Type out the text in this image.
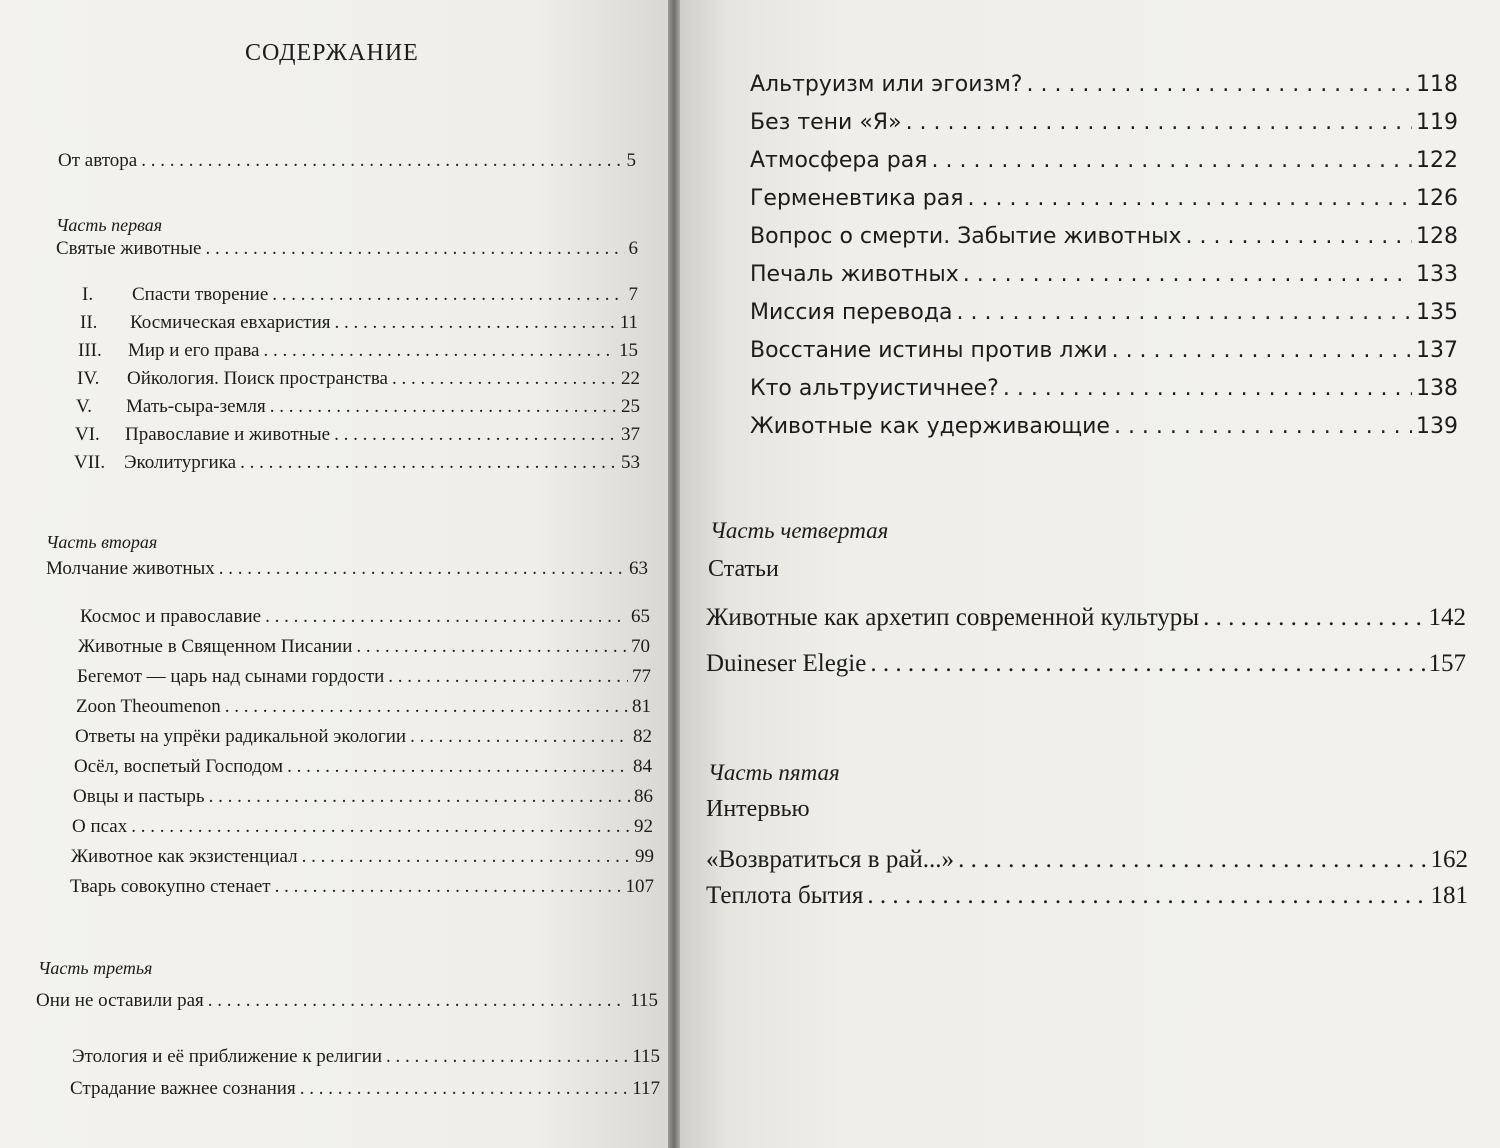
СОДЕРЖАНИЕ
От автора . . .	5
Часть первая
Святые животные . . .	6
I. Спасти творение . . .	7
II. Космическая евхаристия . . .	11
III. Мир и его права . . .	15
IV. Ойкология. Поиск пространства . . .	22
V. Мать-сыра-земля . . .	25
VI. Православие и животные . . .	37
VII. Эколитургика . . .	53
Часть вторая
Молчание животных . . .	63
Космос и православие . . .	65
Животные в Священном Писании . . .	70
Бегемот — царь над сынами гордости . . .	77
Zoon Theoumenon . . .	81
Ответы на упрёки радикальной экологии . . .	82
Осёл, воспетый Господом . . .	84
Овцы и пастырь . . .	86
О псах . . .	92
Животное как экзистенциал . . .	99
Тварь совокупно стенает . . .	107
Часть третья
Они не оставили рая . . .	115
Этология и её приближение к религии . . .	115
Страдание важнее сознания . . .	117
Альтруизм или эгоизм? . . .	118
Без тени «Я» . . .	119
Атмосфера рая . . .	122
Герменевтика рая . . .	126
Вопрос о смерти. Забытие животных . . .	128
Печаль животных . . .	133
Миссия перевода . . .	135
Восстание истины против лжи . . .	137
Кто альтруистичнее? . . .	138
Животные как удерживающие . . .	139
Часть четвертая
Статьи
Животные как архетип современной культуры . . .	142
Duineser Elegie . . .	157
Часть пятая
Интервью
«Возвратиться в рай...» . . .	162
Теплота бытия . . .	181
